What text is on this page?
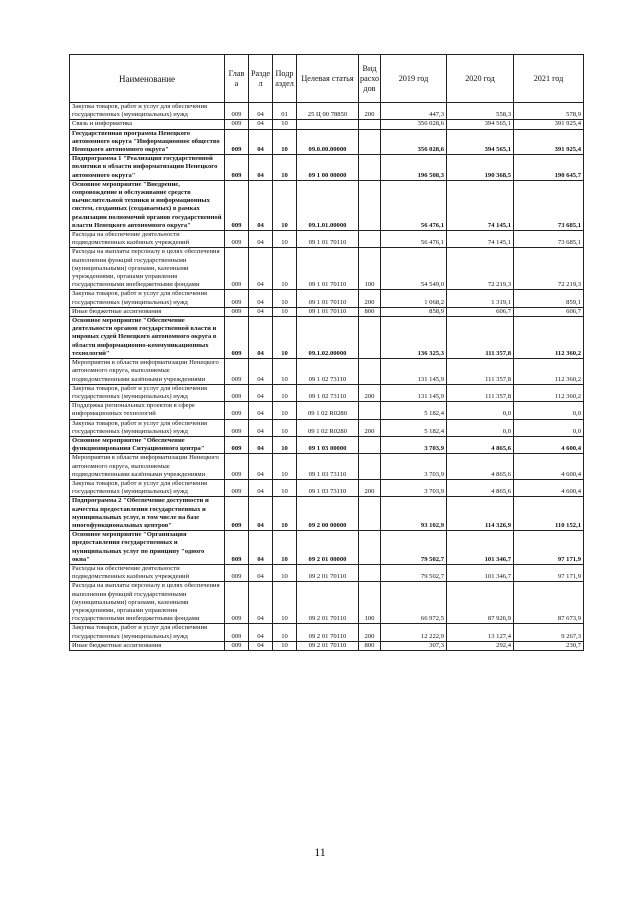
Наименование	Глав а	Разде л	Подр аздел	Целевая статья	Вид расхо дов	2019 год	2020 год	2021 год
Закупка товаров, работ и услуг для обеспечения государственных (муниципальных) нужд	009	04	01	25 Ц 00 78850	200	447,3	558,3	578,9
Связь и информатика	009	04	10			356 028,6	394 565,1	391 925,4
Государственная программа Ненецкого автономного округа "Информационное общество Ненецкого автономного округа"	009	04	10	09.0.00.00000		356 028,6	394 565,1	391 925,4
Подпрограмма 1 "Реализация государственной политики в области информатизации Ненецкого автономного округа"	009	04	10	09 1 00 00000		196 508,3	190 368,5	190 645,7
Основное мероприятие "Внедрение, сопровождение и обслуживание средств вычислительной техники и информационных систем, созданных (создаваемых) в рамках реализации полномочий органов государственной власти Ненецкого автономного округа"	009	04	10	09.1.01.00000		56 476,1	74 145,1	73 685,1
Расходы на обеспечение деятельности подведомственных казённых учреждений	009	04	10	09 1 01 70110		56 476,1	74 145,1	73 685,1
Расходы на выплаты персоналу в целях обеспечения выполнения функций государственными (муниципальными) органами, казенными учреждениями, органами управления государственными внебюджетными фондами	009	04	10	09 1 01 70110	100	54 549,0	72 219,3	72 219,3
Закупка товаров, работ и услуг для обеспечения государственных (муниципальных) нужд	009	04	10	09 1 01 70110	200	1 068,2	1 319,1	859,1
Иные бюджетные ассигнования	009	04	10	09 1 01 70110	800	858,9	606,7	606,7
Основное мероприятие "Обеспечение деятельности органов государственной власти и мировых судей Ненецкого автономного округа в области информационно-коммуникационных технологий"	009	04	10	09.1.02.00000		136 325,3	111 357,8	112 360,2
Мероприятия в области информатизации Ненецкого автономного округа, выполняемые подведомственными казёнными учреждениями	009	04	10	09 1 02 73110		131 145,9	111 357,8	112 360,2
Закупка товаров, работ и услуг для обеспечения государственных (муниципальных) нужд	009	04	10	09 1 02 73110	200	131 145,9	111 357,8	112 360,2
Поддержка региональных проектов в сфере информационных технологий	009	04	10	09 1 02 R0280		5 182,4	0,0	0,0
Закупка товаров, работ и услуг для обеспечения государственных (муниципальных) нужд	009	04	10	09 1 02 R0280	200	5 182,4	0,0	0,0
Основное мероприятие "Обеспечение функционирования Ситуационного центра"	009	04	10	09 1 03 00000		3 703,9	4 865,6	4 600,4
Мероприятия в области информатизации Ненецкого автономного округа, выполняемые подведомственными казёнными учреждениями	009	04	10	09 1 03 73110		3 703,9	4 865,6	4 600,4
Закупка товаров, работ и услуг для обеспечения государственных (муниципальных) нужд	009	04	10	09 1 03 73110	200	3 703,9	4 865,6	4 600,4
Подпрограмма 2 "Обеспечение доступности и качества предоставления государственных и муниципальных услуг, в том числе на базе многофункциональных центров"	009	04	10	09 2 00 00000		93 102,9	114 326,9	110 152,1
Основное мероприятие "Организация предоставления государственных и муниципальных услуг по принципу "одного окна"	009	04	10	09 2 01 00000		79 502,7	101 346,7	97 171,9
Расходы на обеспечение деятельности подведомственных казённых учреждений	009	04	10	09 2 01 70110		79 502,7	101 346,7	97 171,9
Расходы на выплаты персоналу в целях обеспечения выполнения функций государственными (муниципальными) органами, казенными учреждениями, органами управления государственными внебюджетными фондами	009	04	10	09 2 01 70110	100	66 972,5	87 926,9	87 673,9
Закупка товаров, работ и услуг для обеспечения государственных (муниципальных) нужд	009	04	10	09 2 01 70110	200	12 222,9	13 127,4	9 267,3
Иные бюджетные ассигнования	009	04	10	09 2 01 70110	800	307,3	292,4	230,7
11
